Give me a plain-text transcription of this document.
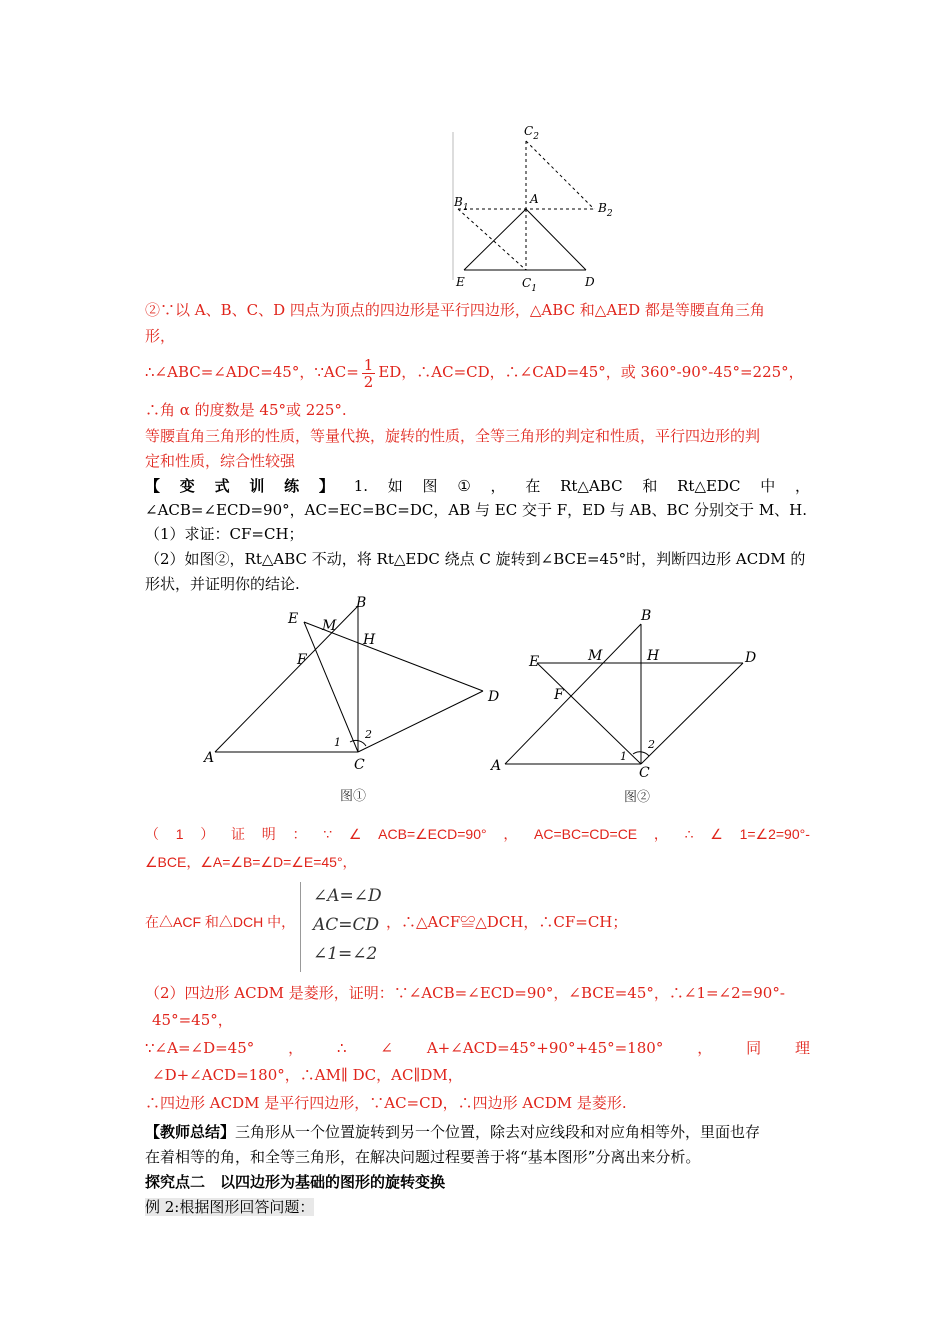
$C_2$
$B_1$
A
$B_2$
E	$C_1$	D
②∵以 A、B、C、D 四点为顶点的四边形是平行四边形，△ABC 和△AED 都是等腰直角三角
形，
∴∠ABC=∠ADC=45°，∵AC= $\frac{1}{2}$ ED，∴AC=CD，∴∠CAD=45°，或 360°-90°-45°=225°，
∴角 α 的度数是 45°或 225°.
等腰直角三角形的性质，等量代换，旋转的性质，全等三角形的判定和性质，平行四边形的判
定和性质，综合性较强
【 变 式 训 练 】 1. 如 图 ① ， 在 Rt△ABC 和 Rt△EDC 中 ，
∠ACB=∠ECD=90°，AC=EC=BC=DC，AB 与 EC 交于 F，ED 与 AB、BC 分别交于 M、H.
（1）求证：CF=CH；
（2）如图②，Rt△ABC 不动，将 Rt△EDC 绕点 C 旋转到∠BCE=45°时，判断四边形 ACDM 的
形状，并证明你的结论.
E
B
M
H
F
D
A	C
1
2
图①
B
E	M	H	D
F
A	C
1
2
图②
（ 1 ） 证 明 ： ∵ ∠ ACB=∠ECD=90° ， AC=BC=CD=CE ， ∴ ∠ 1=∠2=90°-
∠BCE，∠A=∠B=∠D=∠E=45°，
在△ACF 和△DCH 中，
∠A=∠D
AC=CD
∠1=∠2
，∴△ACF≌△DCH，∴CF=CH；
（2）四边形 ACDM 是菱形，证明：∵∠ACB=∠ECD=90°，∠BCE=45°，∴∠1=∠2=90°-
45°=45°，
∵∠A=∠D=45° ， ∴ ∠ A+∠ACD=45°+90°+45°=180° ， 同 理
∠D+∠ACD=180°，∴AM∥ DC，AC∥DM，
∴四边形 ACDM 是平行四边形，∵AC=CD，∴四边形 ACDM 是菱形.
【教师总结】三角形从一个位置旋转到另一个位置，除去对应线段和对应角相等外，里面也存
在着相等的角，和全等三角形，在解决问题过程要善于将“基本图形”分离出来分析。
探究点二　以四边形为基础的图形的旋转变换
例 2:根据图形回答问题：
